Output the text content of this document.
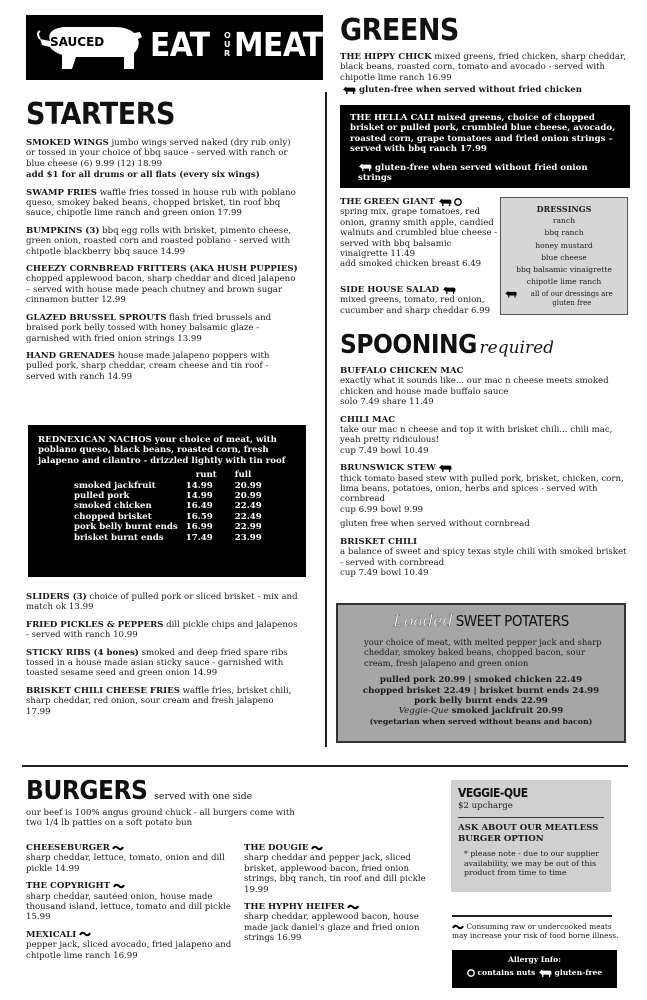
SAUCED EAT OUR MEAT
STARTERS
SMOKED WINGS jumbo wings served naked (dry rub only) or tossed in your choice of bbq sauce - served with ranch or blue cheese (6) 9.99 (12) 18.99
add $1 for all drums or all flats (every six wings)
SWAMP FRIES waffle fries tossed in house rub with poblano queso, smokey baked beans, chopped brisket, tin roof bbq sauce, chipotle lime ranch and green onion 17.99
BUMPKINS (3) bbq egg rolls with brisket, pimento cheese, green onion, roasted corn and roasted poblano - served with chipotle blackberry bbq sauce 14.99
CHEEZY CORNBREAD FRITTERS (AKA HUSH PUPPIES) chopped applewood bacon, sharp cheddar and diced jalapeno – served with house made peach chutney and brown sugar cinnamon butter 12.99
GLAZED BRUSSEL SPROUTS flash fried brussels and braised pork belly tossed with honey balsamic glaze - garnished with fried onion strings 13.99
HAND GRENADES house made jalapeno poppers with pulled pork, sharp cheddar, cream cheese and tin roof - served with ranch 14.99
REDNEXICAN NACHOS your choice of meat, with poblano queso, black beans, roasted corn, fresh jalapeno and cilantro - drizzled lightly with tin roof
	runt	full
smoked jackfruit	14.99	20.99
pulled pork	14.99	20.99
smoked chicken	16.49	22.49
chopped brisket	16.59	22.49
pork belly burnt ends	16.99	22.99
brisket burnt ends	17.49	23.99
SLIDERS (3) choice of pulled pork or sliced brisket - mix and match ok 13.99
FRIED PICKLES & PEPPERS dill pickle chips and jalapenos - served with ranch 10.99
STICKY RIBS (4 bones) smoked and deep fried spare ribs tossed in a house made asian sticky sauce - garnished with toasted sesame seed and green onion 14.99
BRISKET CHILI CHEESE FRIES waffle fries, brisket chili, sharp cheddar, red onion, sour cream and fresh jalapeno 17.99
GREENS
THE HIPPY CHICK mixed greens, fried chicken, sharp cheddar, black beans, roasted corn, tomato and avocado - served with chipotle lime ranch 16.99
gluten-free when served without fried chicken
THE HELLA CALI mixed greens, choice of chopped brisket or pulled pork, crumbled blue cheese, avocado, roasted corn, grape tomatoes and fried onion strings – served with bbq ranch 17.99
gluten-free when served without fried onion strings
THE GREEN GIANT
spring mix, grape tomatoes, red onion, granny smith apple, candied walnuts and crumbled blue cheese - served with bbq balsamic vinaigrette 11.49
add smoked chicken breast 6.49
SIDE HOUSE SALAD
mixed greens, tomato, red onion, cucumber and sharp cheddar 6.99
DRESSINGS
ranch
bbq ranch
honey mustard
blue cheese
bbq balsamic vinaigrette
chipotle lime ranch
all of our dressings are gluten free
SPOONING required
BUFFALO CHICKEN MAC
exactly what it sounds like... our mac n cheese meets smoked chicken and house made buffalo sauce
solo 7.49 share 11.49
CHILI MAC
take our mac n cheese and top it with brisket chili... chili mac, yeah pretty ridiculous!
cup 7.49 bowl 10.49
BRUNSWICK STEW
thick tomato based stew with pulled pork, brisket, chicken, corn, lima beans, potatoes, onion, herbs and spices - served with cornbread
cup 6.99 bowl 9.99
gluten free when served without cornbread
BRISKET CHILI
a balance of sweet and spicy texas style chili with smoked brisket - served with cornbread
cup 7.49 bowl 10.49
Loaded SWEET POTATERS
your choice of meat, with melted pepper jack and sharp cheddar, smokey baked beans, chopped bacon, sour cream, fresh jalapeno and green onion
pulled pork 20.99 | smoked chicken 22.49
chopped brisket 22.49 | brisket burnt ends 24.99
pork belly burnt ends 22.99
Veggie-Que smoked jackfruit 20.99
(vegetarian when served without beans and bacon)
BURGERS served with one side
our beef is 100% angus ground chuck - all burgers come with two 1/4 lb patties on a soft potato bun
CHEESEBURGER
sharp cheddar, lettuce, tomato, onion and dill pickle 14.99
THE COPYRIGHT
sharp cheddar, sautéed onion, house made thousand island, lettuce, tomato and dill pickle 15.99
MEXICALI
pepper jack, sliced avocado, fried jalapeno and chipotle lime ranch 16.99
THE DOUGIE
sharp cheddar and pepper jack, sliced brisket, applewood bacon, fried onion strings, bbq ranch, tin roof and dill pickle 19.99
THE HYPHY HEIFER
sharp cheddar, applewood bacon, house made jack daniel's glaze and fried onion strings 16.99
VEGGIE-QUE
$2 upcharge
ASK ABOUT OUR MEATLESS BURGER OPTION
* please note - due to our supplier availability, we may be out of this product from time to time
Consuming raw or undercooked meats may increase your risk of food borne illness.
Allergy Info:
contains nuts	gluten-free
